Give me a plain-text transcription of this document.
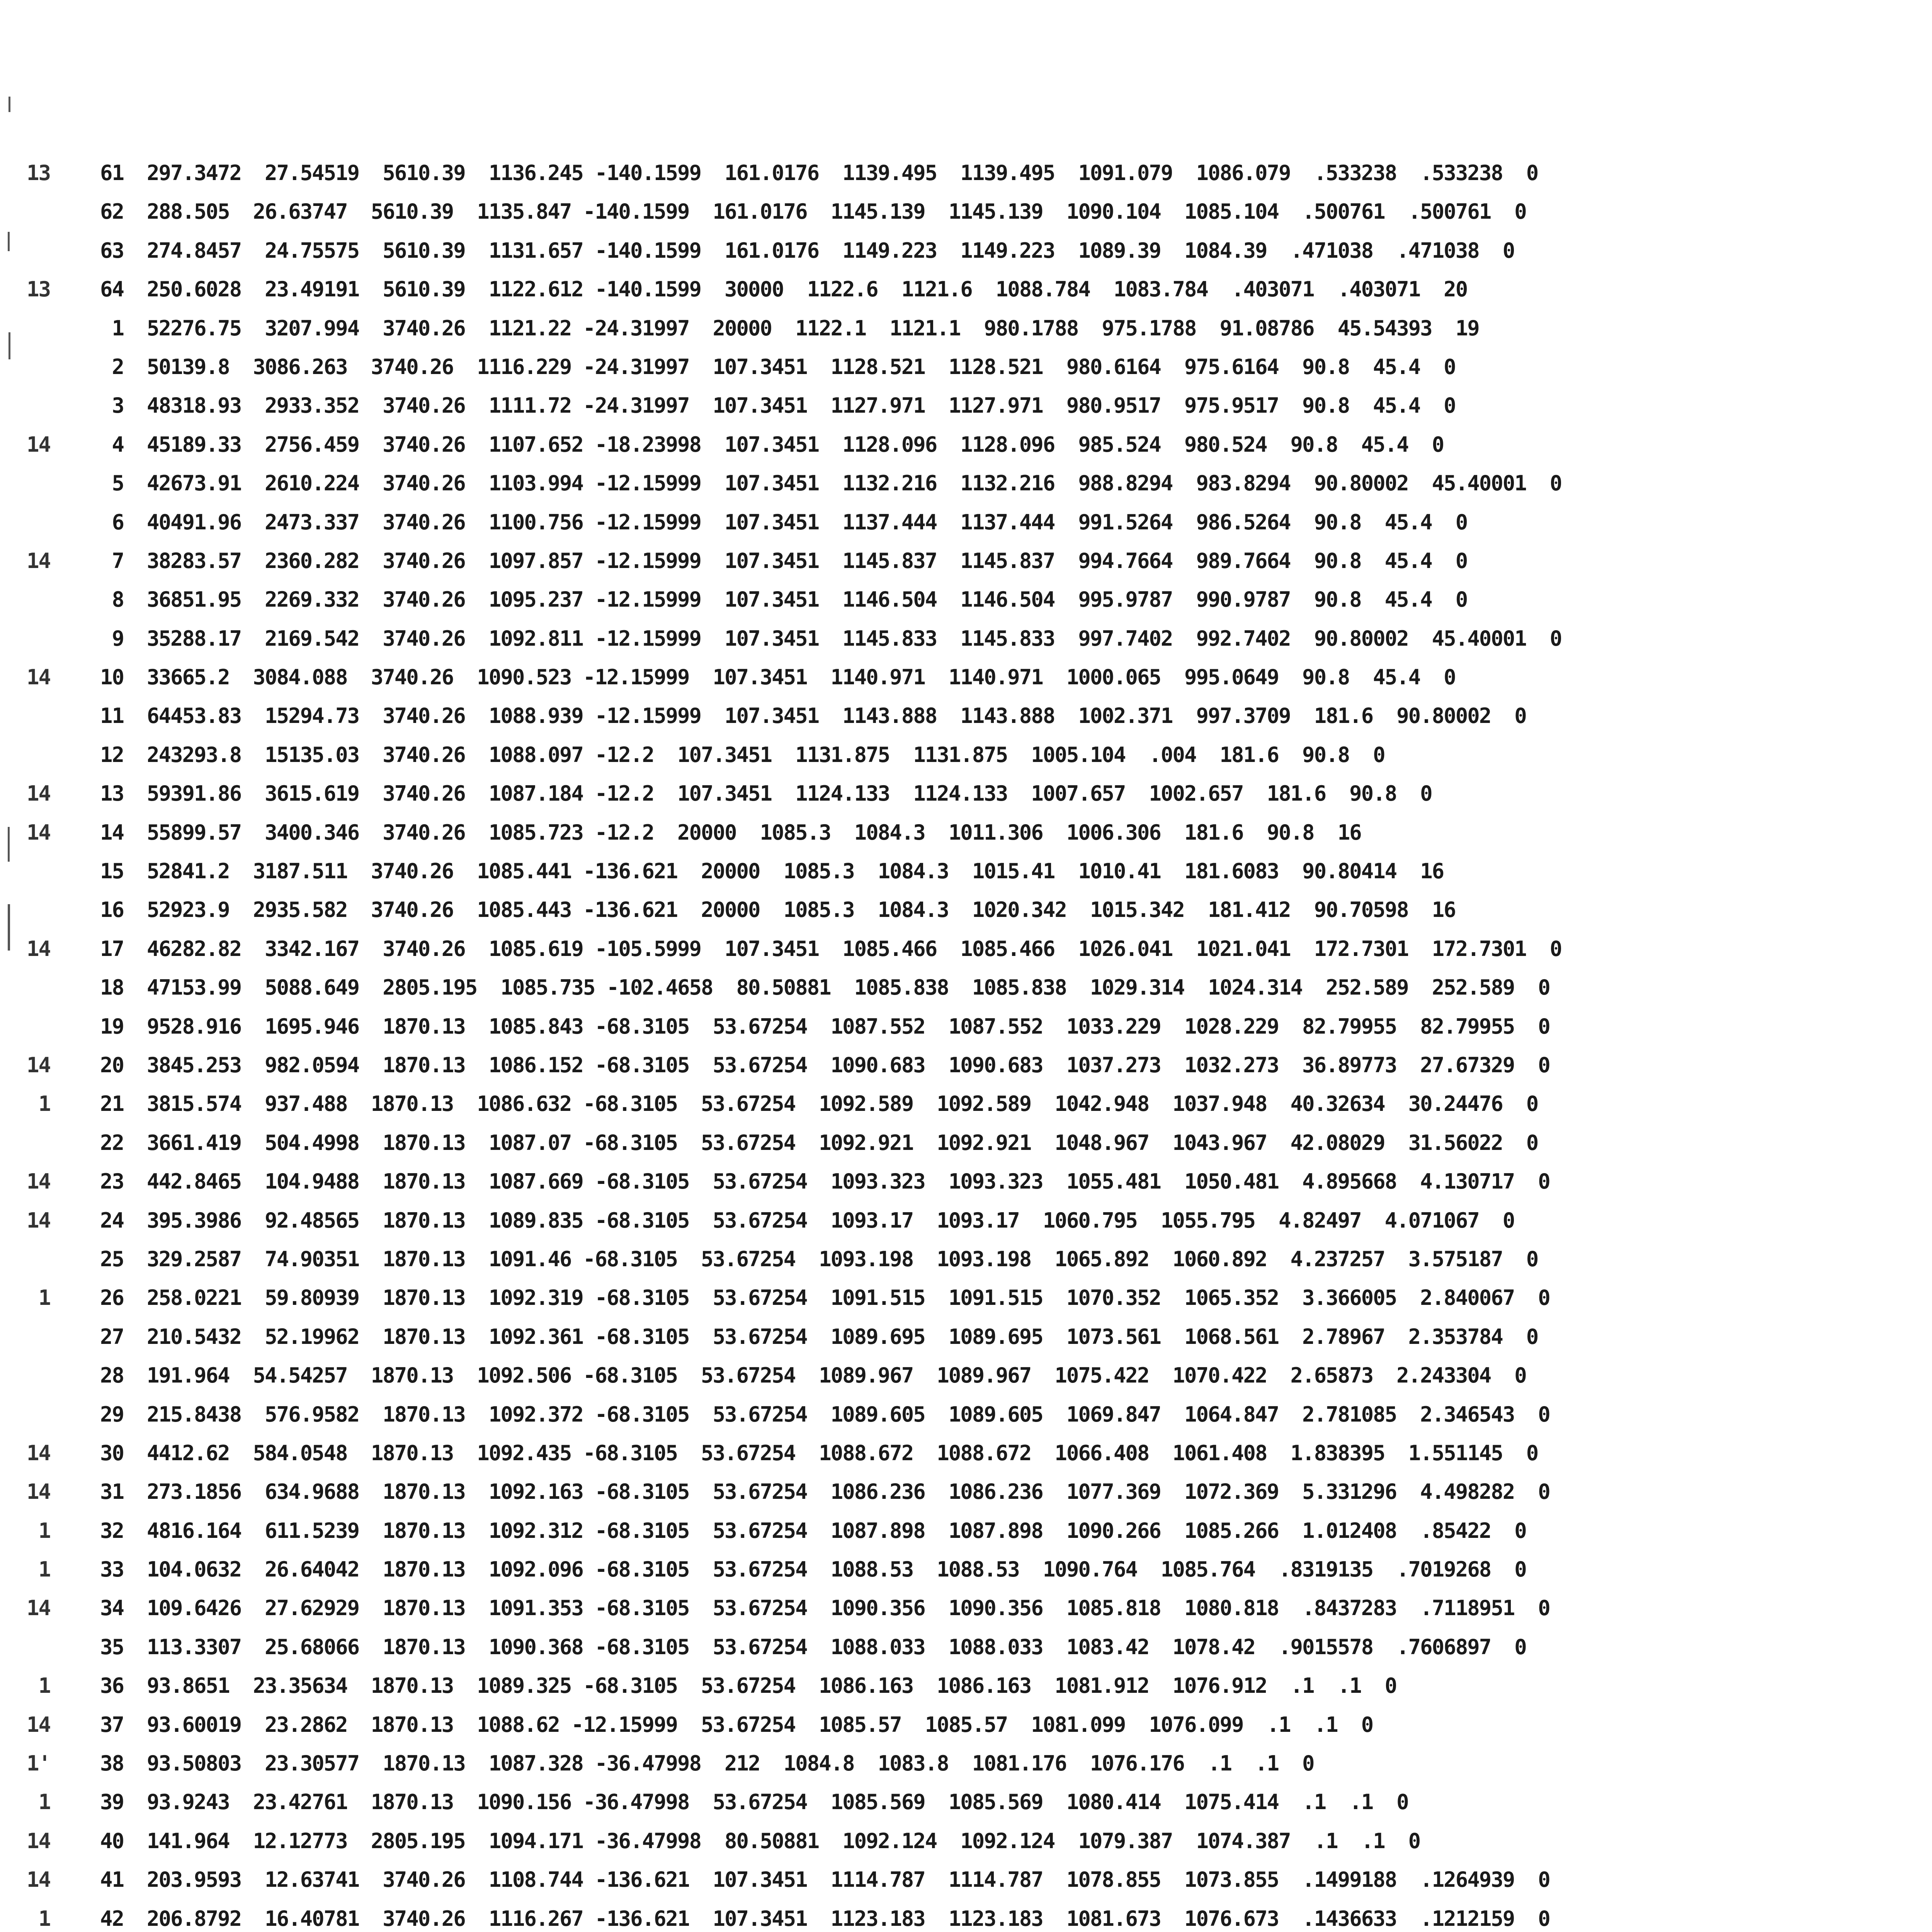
13	61 297.3472  27.54519  5610.39  1136.245 -140.1599  161.0176  1139.495  1139.495  1091.079  1086.079  .533238  .533238  0
62 288.505  26.63747  5610.39  1135.847 -140.1599  161.0176  1145.139  1145.139  1090.104  1085.104  .500761  .500761  0
63 274.8457  24.75575  5610.39  1131.657 -140.1599  161.0176  1149.223  1149.223  1089.39  1084.39  .471038  .471038  0
13	64 250.6028  23.49191  5610.39  1122.612 -140.1599  30000  1122.6  1121.6  1088.784  1083.784  .403071  .403071  20
1 52276.75  3207.994  3740.26  1121.22 -24.31997  20000  1122.1  1121.1  980.1788  975.1788  91.08786  45.54393  19
2 50139.8  3086.263  3740.26  1116.229 -24.31997  107.3451  1128.521  1128.521  980.6164  975.6164  90.8  45.4  0
3 48318.93  2933.352  3740.26  1111.72 -24.31997  107.3451  1127.971  1127.971  980.9517  975.9517  90.8  45.4  0
14	4 45189.33  2756.459  3740.26  1107.652 -18.23998  107.3451  1128.096  1128.096  985.524  980.524  90.8  45.4  0
5 42673.91  2610.224  3740.26  1103.994 -12.15999  107.3451  1132.216  1132.216  988.8294  983.8294  90.80002  45.40001  0
6 40491.96  2473.337  3740.26  1100.756 -12.15999  107.3451  1137.444  1137.444  991.5264  986.5264  90.8  45.4  0
14	7 38283.57  2360.282  3740.26  1097.857 -12.15999  107.3451  1145.837  1145.837  994.7664  989.7664  90.8  45.4  0
8 36851.95  2269.332  3740.26  1095.237 -12.15999  107.3451  1146.504  1146.504  995.9787  990.9787  90.8  45.4  0
9 35288.17  2169.542  3740.26  1092.811 -12.15999  107.3451  1145.833  1145.833  997.7402  992.7402  90.80002  45.40001  0
14	10 33665.2  3084.088  3740.26  1090.523 -12.15999  107.3451  1140.971  1140.971  1000.065  995.0649  90.8  45.4  0
11 64453.83  15294.73  3740.26  1088.939 -12.15999  107.3451  1143.888  1143.888  1002.371  997.3709  181.6  90.80002  0
12 243293.8  15135.03  3740.26  1088.097 -12.2  107.3451  1131.875  1131.875  1005.104  .004  181.6  90.8  0
14	13 59391.86  3615.619  3740.26  1087.184 -12.2  107.3451  1124.133  1124.133  1007.657  1002.657  181.6  90.8  0
14	14 55899.57  3400.346  3740.26  1085.723 -12.2  20000  1085.3  1084.3  1011.306  1006.306  181.6  90.8  16
15 52841.2  3187.511  3740.26  1085.441 -136.621  20000  1085.3  1084.3  1015.41  1010.41  181.6083  90.80414  16
16 52923.9  2935.582  3740.26  1085.443 -136.621  20000  1085.3  1084.3  1020.342  1015.342  181.412  90.70598  16
14	17 46282.82  3342.167  3740.26  1085.619 -105.5999  107.3451  1085.466  1085.466  1026.041  1021.041  172.7301  172.7301  0
18 47153.99  5088.649  2805.195  1085.735 -102.4658  80.50881  1085.838  1085.838  1029.314  1024.314  252.589  252.589  0
19 9528.916  1695.946  1870.13  1085.843 -68.3105  53.67254  1087.552  1087.552  1033.229  1028.229  82.79955  82.79955  0
14	20 3845.253  982.0594  1870.13  1086.152 -68.3105  53.67254  1090.683  1090.683  1037.273  1032.273  36.89773  27.67329  0
1	21 3815.574  937.488  1870.13  1086.632 -68.3105  53.67254  1092.589  1092.589  1042.948  1037.948  40.32634  30.24476  0
22 3661.419  504.4998  1870.13  1087.07 -68.3105  53.67254  1092.921  1092.921  1048.967  1043.967  42.08029  31.56022  0
14	23 442.8465  104.9488  1870.13  1087.669 -68.3105  53.67254  1093.323  1093.323  1055.481  1050.481  4.895668  4.130717  0
14	24 395.3986  92.48565  1870.13  1089.835 -68.3105  53.67254  1093.17  1093.17  1060.795  1055.795  4.82497  4.071067  0
25 329.2587  74.90351  1870.13  1091.46 -68.3105  53.67254  1093.198  1093.198  1065.892  1060.892  4.237257  3.575187  0
1	26 258.0221  59.80939  1870.13  1092.319 -68.3105  53.67254  1091.515  1091.515  1070.352  1065.352  3.366005  2.840067  0
27 210.5432  52.19962  1870.13  1092.361 -68.3105  53.67254  1089.695  1089.695  1073.561  1068.561  2.78967  2.353784  0
28 191.964  54.54257  1870.13  1092.506 -68.3105  53.67254  1089.967  1089.967  1075.422  1070.422  2.65873  2.243304  0
29 215.8438  576.9582  1870.13  1092.372 -68.3105  53.67254  1089.605  1089.605  1069.847  1064.847  2.781085  2.346543  0
14	30 4412.62  584.0548  1870.13  1092.435 -68.3105  53.67254  1088.672  1088.672  1066.408  1061.408  1.838395  1.551145  0
14	31 273.1856  634.9688  1870.13  1092.163 -68.3105  53.67254  1086.236  1086.236  1077.369  1072.369  5.331296  4.498282  0
1	32 4816.164  611.5239  1870.13  1092.312 -68.3105  53.67254  1087.898  1087.898  1090.266  1085.266  1.012408  .85422  0
1	33 104.0632  26.64042  1870.13  1092.096 -68.3105  53.67254  1088.53  1088.53  1090.764  1085.764  .8319135  .7019268  0
14	34 109.6426  27.62929  1870.13  1091.353 -68.3105  53.67254  1090.356  1090.356  1085.818  1080.818  .8437283  .7118951  0
35 113.3307  25.68066  1870.13  1090.368 -68.3105  53.67254  1088.033  1088.033  1083.42  1078.42  .9015578  .7606897  0
1	36 93.8651  23.35634  1870.13  1089.325 -68.3105  53.67254  1086.163  1086.163  1081.912  1076.912  .1  .1  0
14	37 93.60019  23.2862  1870.13  1088.62 -12.15999  53.67254  1085.57  1085.57  1081.099  1076.099  .1  .1  0
1'	38 93.50803  23.30577  1870.13  1087.328 -36.47998  212  1084.8  1083.8  1081.176  1076.176  .1  .1  0
1	39 93.9243  23.42761  1870.13  1090.156 -36.47998  53.67254  1085.569  1085.569  1080.414  1075.414  .1  .1  0
14	40 141.964  12.12773  2805.195  1094.171 -36.47998  80.50881  1092.124  1092.124  1079.387  1074.387  .1  .1  0
14	41 203.9593  12.63741  3740.26  1108.744 -136.621  107.3451  1114.787  1114.787  1078.855  1073.855  .1499188  .1264939  0
1	42 206.8792  16.40781  3740.26  1116.267 -136.621  107.3451  1123.183  1123.183  1081.673  1076.673  .1436633  .1212159  0
